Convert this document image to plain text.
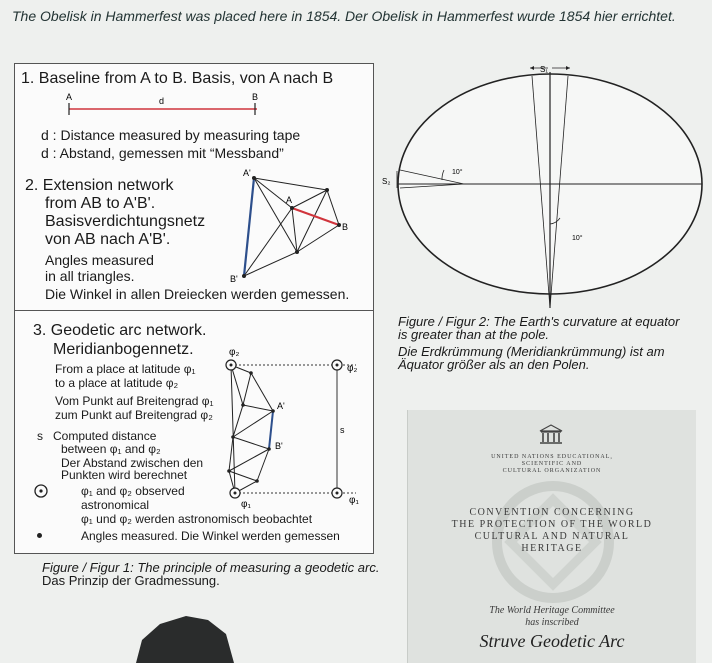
The Obelisk in Hammerfest was placed here in 1854. Der Obelisk in Hammerfest wurde 1854 hier errichtet.
1. Baseline from A to B. Basis, von A nach B
A	d	B
d : Distance measured by measuring tape
d : Abstand, gemessen mit “Messband”
2. Extension network
from AB to A'B'.
Basisverdichtungsnetz
von AB nach A'B'.
Angles measured
in all triangles.
Die Winkel in allen Dreiecken werden gemessen.
A'
A
B
B'
3. Geodetic arc network.
Meridianbogennetz.
From a place at latitude φ₁
to a place at latitude φ₂
Vom Punkt auf Breitengrad φ₁
zum Punkt auf Breitengrad φ₂
s Computed distance
between φ₁ and φ₂
Der Abstand zwischen den
Punkten wird berechnet
φ₁ and φ₂ observed
astronomical
φ₁ und φ₂ werden astronomisch beobachtet
Angles measured. Die Winkel werden gemessen
φ₂
φ₂
φ₁	φ₁
A'
B'
s
Figure / Figur 1: The principle of measuring a geodetic arc.
Das Prinzip der Gradmessung.
S₁
S₂
10°
10°
Figure / Figur 2: The Earth's curvature at equator
is greater than at the pole.
Die Erdkrümmung (Meridiankrümmung) ist am
Äquator größer als an den Polen.
UNITED NATIONS EDUCATIONAL,
SCIENTIFIC AND
CULTURAL ORGANIZATION
CONVENTION CONCERNING
THE PROTECTION OF THE WORLD
CULTURAL AND NATURAL
HERITAGE
The World Heritage Committee
has inscribed
Struve Geodetic Arc
